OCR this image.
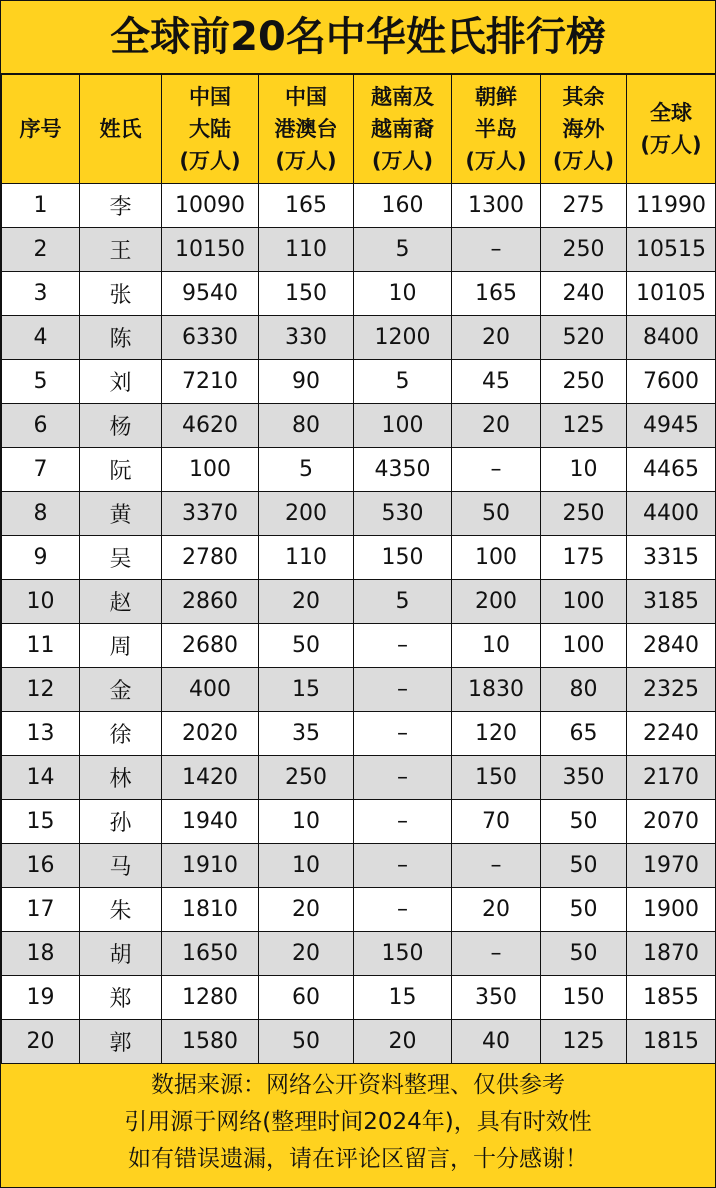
全球前20名中华姓氏排行榜
序号	姓氏	中国
大陆
(万人)	中国
港澳台
(万人)	越南及
越南裔
(万人)	朝鲜
半岛
(万人)	其余
海外
(万人)	全球
(万人)
1	李	10090	165	160	1300	275	11990
2	王	10150	110	5	–	250	10515
3	张	9540	150	10	165	240	10105
4	陈	6330	330	1200	20	520	8400
5	刘	7210	90	5	45	250	7600
6	杨	4620	80	100	20	125	4945
7	阮	100	5	4350	–	10	4465
8	黄	3370	200	530	50	250	4400
9	吴	2780	110	150	100	175	3315
10	赵	2860	20	5	200	100	3185
11	周	2680	50	–	10	100	2840
12	金	400	15	–	1830	80	2325
13	徐	2020	35	–	120	65	2240
14	林	1420	250	–	150	350	2170
15	孙	1940	10	–	70	50	2070
16	马	1910	10	–	–	50	1970
17	朱	1810	20	–	20	50	1900
18	胡	1650	20	150	–	50	1870
19	郑	1280	60	15	350	150	1855
20	郭	1580	50	20	40	125	1815
数据来源：网络公开资料整理、仅供参考
引用源于网络(整理时间2024年)，具有时效性
如有错误遗漏，请在评论区留言，十分感谢！
